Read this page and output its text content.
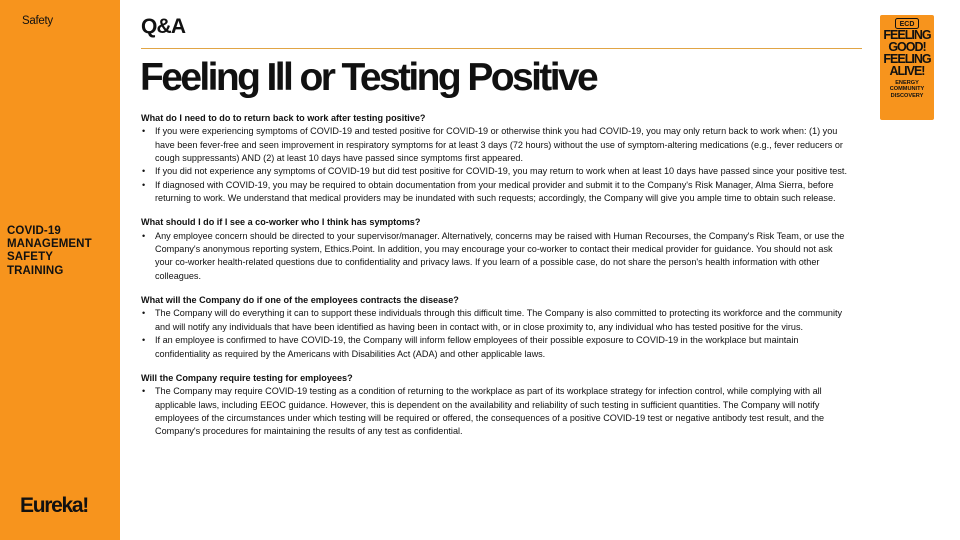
Safety
COVID-19
MANAGEMENT
SAFETY
TRAINING
Eureka!
Q&A
Feeling Ill or Testing Positive
ECD
FEELING
GOOD!
FEELING
ALIVE!
ENERGY
COMMUNITY
DISCOVERY
What do I need to do to return back to work after testing positive?
• If you were experiencing symptoms of COVID-19 and tested positive for COVID-19 or otherwise think you had COVID-19, you may only return back to work when: (1) you have been fever-free and seen improvement in respiratory symptoms for at least 3 days (72 hours) without the use of symptom-altering medications (e.g., fever reducers or cough suppressants) AND (2) at least 10 days have passed since symptoms first appeared.
• If you did not experience any symptoms of COVID-19 but did test positive for COVID-19, you may return to work when at least 10 days have passed since your positive test.
• If diagnosed with COVID-19, you may be required to obtain documentation from your medical provider and submit it to the Company's Risk Manager, Alma Sierra, before returning to work. We understand that medical providers may be inundated with such requests; accordingly, the Company will give you ample time to obtain such release.
What should I do if I see a co-worker who I think has symptoms?
• Any employee concern should be directed to your supervisor/manager. Alternatively, concerns may be raised with Human Recourses, the Company's Risk Team, or use the Company's anonymous reporting system, Ethics.Point. In addition, you may encourage your co-worker to contact their medical provider for guidance. You should not ask your co-worker health-related questions due to confidentiality and privacy laws. If you learn of a possible case, do not share the person's health information with other colleagues.
What will the Company do if one of the employees contracts the disease?
• The Company will do everything it can to support these individuals through this difficult time. The Company is also committed to protecting its workforce and the community and will notify any individuals that have been identified as having been in contact with, or in close proximity to, any individual who has tested positive for the virus.
• If an employee is confirmed to have COVID-19, the Company will inform fellow employees of their possible exposure to COVID-19 in the workplace but maintain confidentiality as required by the Americans with Disabilities Act (ADA) and other applicable laws.
Will the Company require testing for employees?
• The Company may require COVID-19 testing as a condition of returning to the workplace as part of its workplace strategy for infection control, while complying with all applicable laws, including EEOC guidance. However, this is dependent on the availability and reliability of such testing in sufficient quantities. The Company will notify employees of the circumstances under which testing will be required or offered, the consequences of a positive COVID-19 test or negative antibody test result, and the Company's procedures for maintaining the results of any test as confidential.
